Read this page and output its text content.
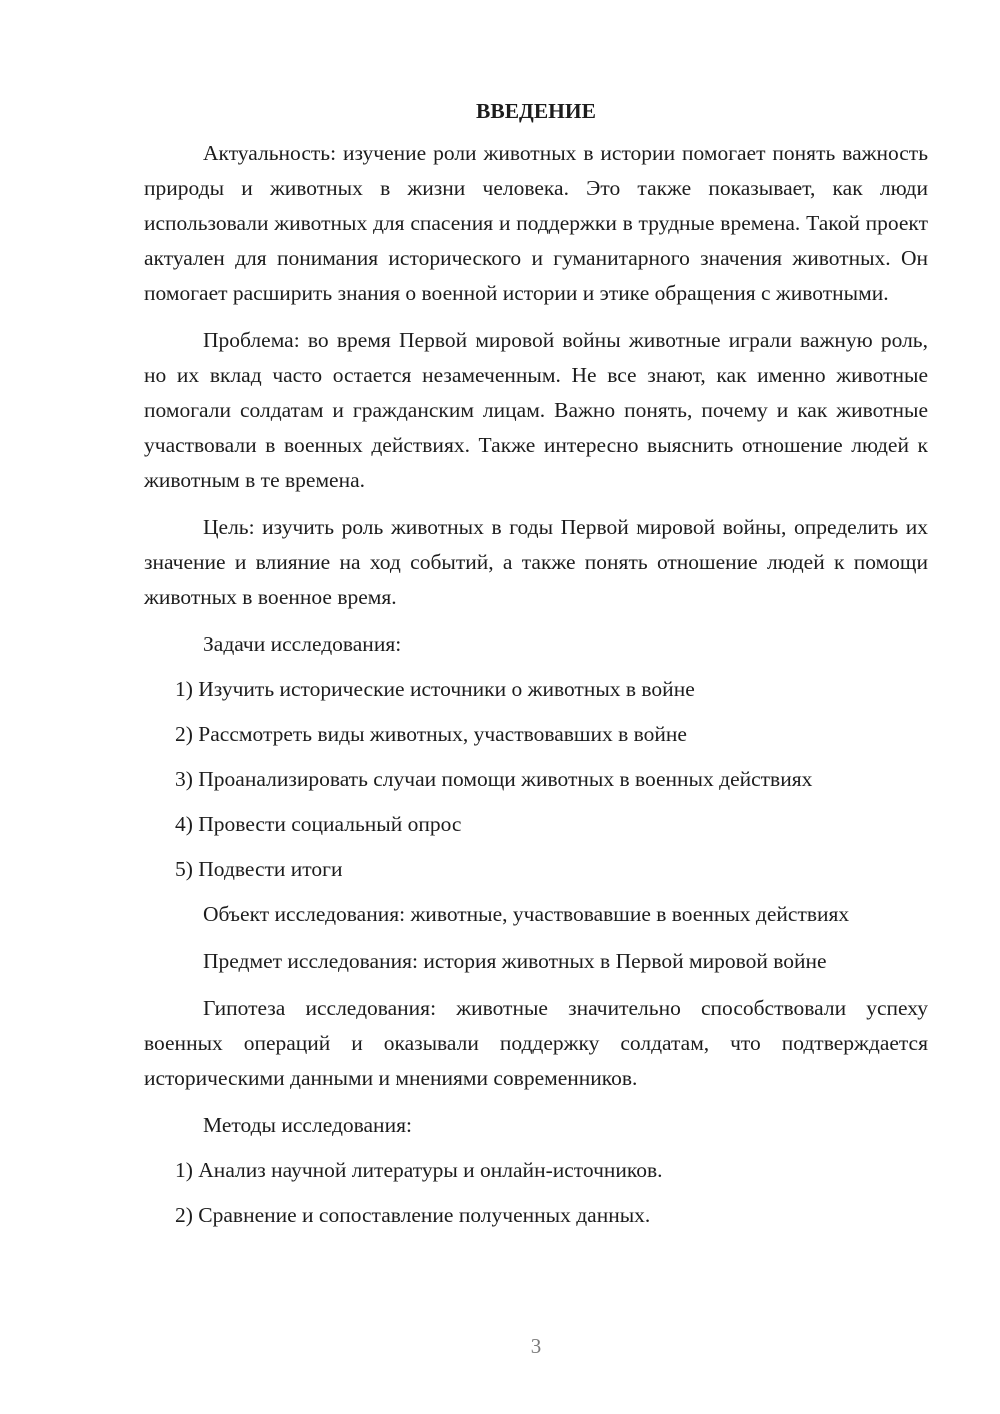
ВВЕДЕНИЕ

Актуальность: изучение роли животных в истории помогает понять важность природы и животных в жизни человека. Это также показывает, как люди использовали животных для спасения и поддержки в трудные времена. Такой проект актуален для понимания исторического и гуманитарного значения животных. Он помогает расширить знания о военной истории и этике обращения с животными.

Проблема: во время Первой мировой войны животные играли важную роль, но их вклад часто остается незамеченным. Не все знают, как именно животные помогали солдатам и гражданским лицам. Важно понять, почему и как животные участвовали в военных действиях. Также интересно выяснить отношение людей к животным в те времена.

Цель: изучить роль животных в годы Первой мировой войны, определить их значение и влияние на ход событий, а также понять отношение людей к помощи животных в военное время.

Задачи исследования:

1) Изучить исторические источники о животных в войне
2) Рассмотреть виды животных, участвовавших в войне
3) Проанализировать случаи помощи животных в военных действиях
4) Провести социальный опрос
5) Подвести итоги

Объект исследования: животные, участвовавшие в военных действиях

Предмет исследования: история животных в Первой мировой войне

Гипотеза исследования: животные значительно способствовали успеху военных операций и оказывали поддержку солдатам, что подтверждается историческими данными и мнениями современников.

Методы исследования:

1) Анализ научной литературы и онлайн-источников.
2) Сравнение и сопоставление полученных данных.
3
